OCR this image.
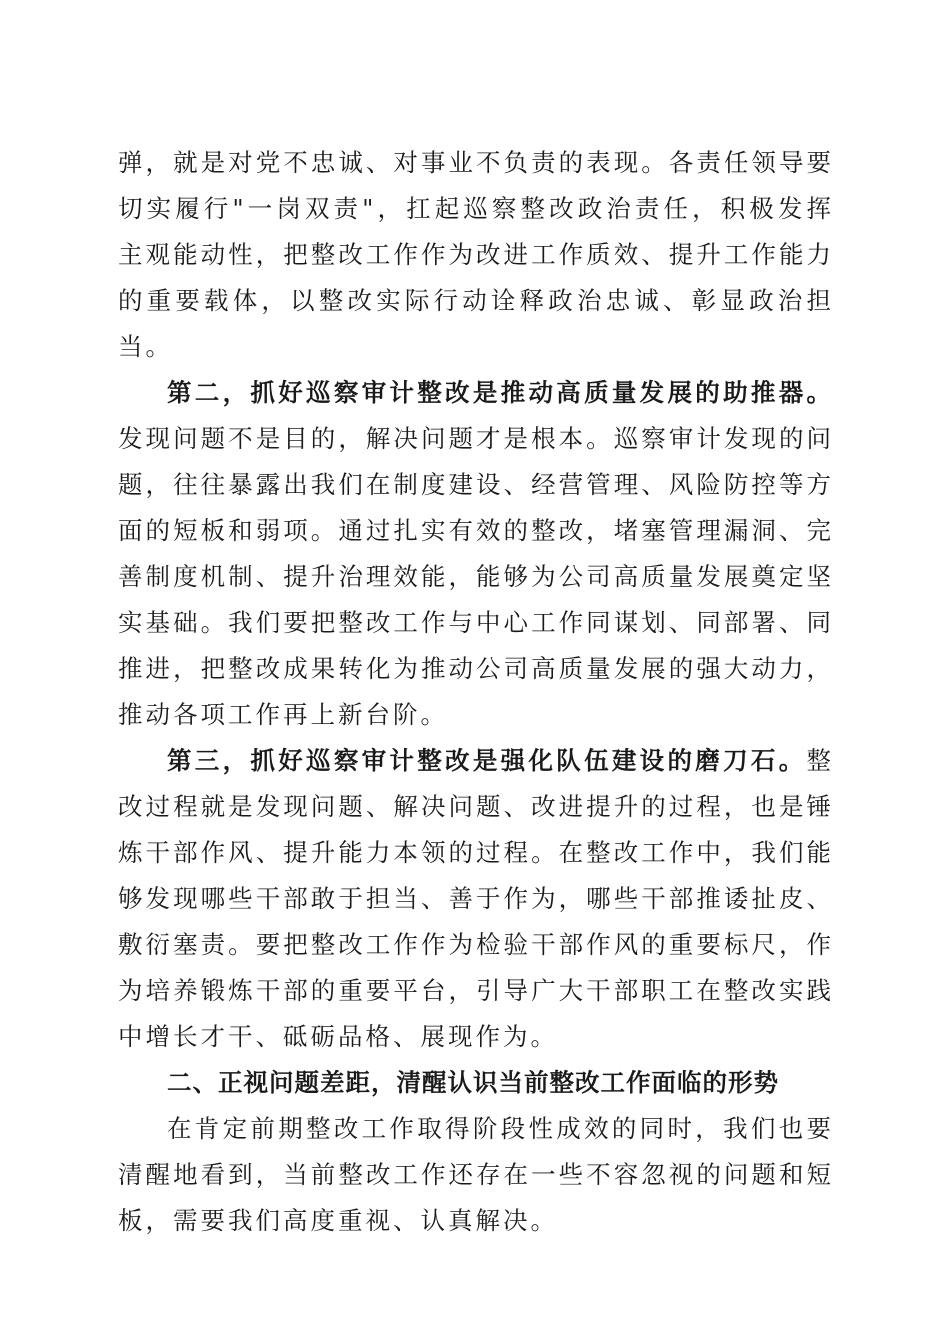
弹，就是对党不忠诚、对事业不负责的表现。各责任领导要切实履行"一岗双责"，扛起巡察整改政治责任，积极发挥主观能动性，把整改工作作为改进工作质效、提升工作能力的重要载体，以整改实际行动诠释政治忠诚、彰显政治担当。

第二，抓好巡察审计整改是推动高质量发展的助推器。发现问题不是目的，解决问题才是根本。巡察审计发现的问题，往往暴露出我们在制度建设、经营管理、风险防控等方面的短板和弱项。通过扎实有效的整改，堵塞管理漏洞、完善制度机制、提升治理效能，能够为公司高质量发展奠定坚实基础。我们要把整改工作与中心工作同谋划、同部署、同推进，把整改成果转化为推动公司高质量发展的强大动力，推动各项工作再上新台阶。

第三，抓好巡察审计整改是强化队伍建设的磨刀石。整改过程就是发现问题、解决问题、改进提升的过程，也是锤炼干部作风、提升能力本领的过程。在整改工作中，我们能够发现哪些干部敢于担当、善于作为，哪些干部推诿扯皮、敷衍塞责。要把整改工作作为检验干部作风的重要标尺，作为培养锻炼干部的重要平台，引导广大干部职工在整改实践中增长才干、砥砺品格、展现作为。

二、正视问题差距，清醒认识当前整改工作面临的形势

在肯定前期整改工作取得阶段性成效的同时，我们也要清醒地看到，当前整改工作还存在一些不容忽视的问题和短板，需要我们高度重视、认真解决。
